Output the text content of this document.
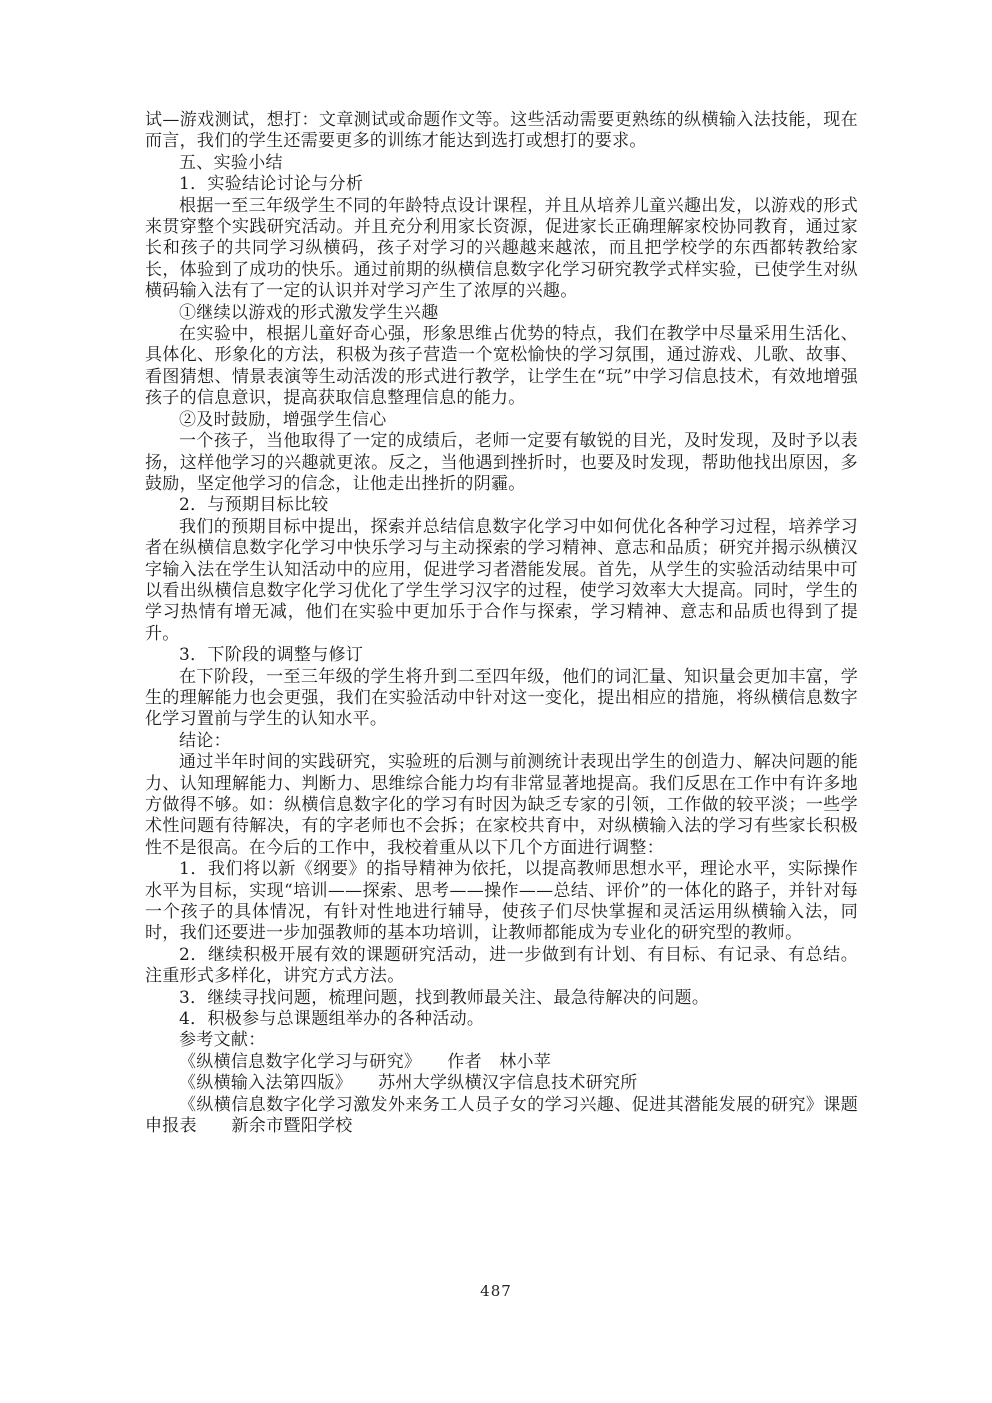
试—游戏测试，想打：文章测试或命题作文等。这些活动需要更熟练的纵横输入法技能，现在而言，我们的学生还需要更多的训练才能达到选打或想打的要求。

五、实验小结

1．实验结论讨论与分析

根据一至三年级学生不同的年龄特点设计课程，并且从培养儿童兴趣出发，以游戏的形式来贯穿整个实践研究活动。并且充分利用家长资源，促进家长正确理解家校协同教育，通过家长和孩子的共同学习纵横码，孩子对学习的兴趣越来越浓，而且把学校学的东西都转教给家长，体验到了成功的快乐。通过前期的纵横信息数字化学习研究教学式样实验，已使学生对纵横码输入法有了一定的认识并对学习产生了浓厚的兴趣。

①继续以游戏的形式激发学生兴趣

在实验中，根据儿童好奇心强，形象思维占优势的特点，我们在教学中尽量采用生活化、具体化、形象化的方法，积极为孩子营造一个宽松愉快的学习氛围，通过游戏、儿歌、故事、看图猜想、情景表演等生动活泼的形式进行教学，让学生在“玩”中学习信息技术，有效地增强孩子的信息意识，提高获取信息整理信息的能力。

②及时鼓励，增强学生信心

一个孩子，当他取得了一定的成绩后，老师一定要有敏锐的目光，及时发现，及时予以表扬，这样他学习的兴趣就更浓。反之，当他遇到挫折时，也要及时发现，帮助他找出原因，多鼓励，坚定他学习的信念，让他走出挫折的阴霾。

2．与预期目标比较

我们的预期目标中提出，探索并总结信息数字化学习中如何优化各种学习过程，培养学习者在纵横信息数字化学习中快乐学习与主动探索的学习精神、意志和品质；研究并揭示纵横汉字输入法在学生认知活动中的应用，促进学习者潜能发展。首先，从学生的实验活动结果中可以看出纵横信息数字化学习优化了学生学习汉字的过程，使学习效率大大提高。同时，学生的学习热情有增无减，他们在实验中更加乐于合作与探索，学习精神、意志和品质也得到了提升。

3．下阶段的调整与修订

在下阶段，一至三年级的学生将升到二至四年级，他们的词汇量、知识量会更加丰富，学生的理解能力也会更强，我们在实验活动中针对这一变化，提出相应的措施，将纵横信息数字化学习置前与学生的认知水平。

结论：

通过半年时间的实践研究，实验班的后测与前测统计表现出学生的创造力、解决问题的能力、认知理解能力、判断力、思维综合能力均有非常显著地提高。我们反思在工作中有许多地方做得不够。如：纵横信息数字化的学习有时因为缺乏专家的引领，工作做的较平淡；一些学术性问题有待解决，有的字老师也不会拆；在家校共育中，对纵横输入法的学习有些家长积极性不是很高。在今后的工作中，我校着重从以下几个方面进行调整：

1．我们将以新《纲要》的指导精神为依托，以提高教师思想水平，理论水平，实际操作水平为目标，实现“培训——探索、思考——操作——总结、评价”的一体化的路子，并针对每一个孩子的具体情况，有针对性地进行辅导，使孩子们尽快掌握和灵活运用纵横输入法，同时，我们还要进一步加强教师的基本功培训，让教师都能成为专业化的研究型的教师。

2．继续积极开展有效的课题研究活动，进一步做到有计划、有目标、有记录、有总结。注重形式多样化，讲究方式方法。

3．继续寻找问题，梳理问题，找到教师最关注、最急待解决的问题。

4．积极参与总课题组举办的各种活动。

参考文献：

《纵横信息数字化学习与研究》　　作者　林小苹

《纵横输入法第四版》　　苏州大学纵横汉字信息技术研究所

《纵横信息数字化学习激发外来务工人员子女的学习兴趣、促进其潜能发展的研究》课题申报表　　新余市暨阳学校

487
